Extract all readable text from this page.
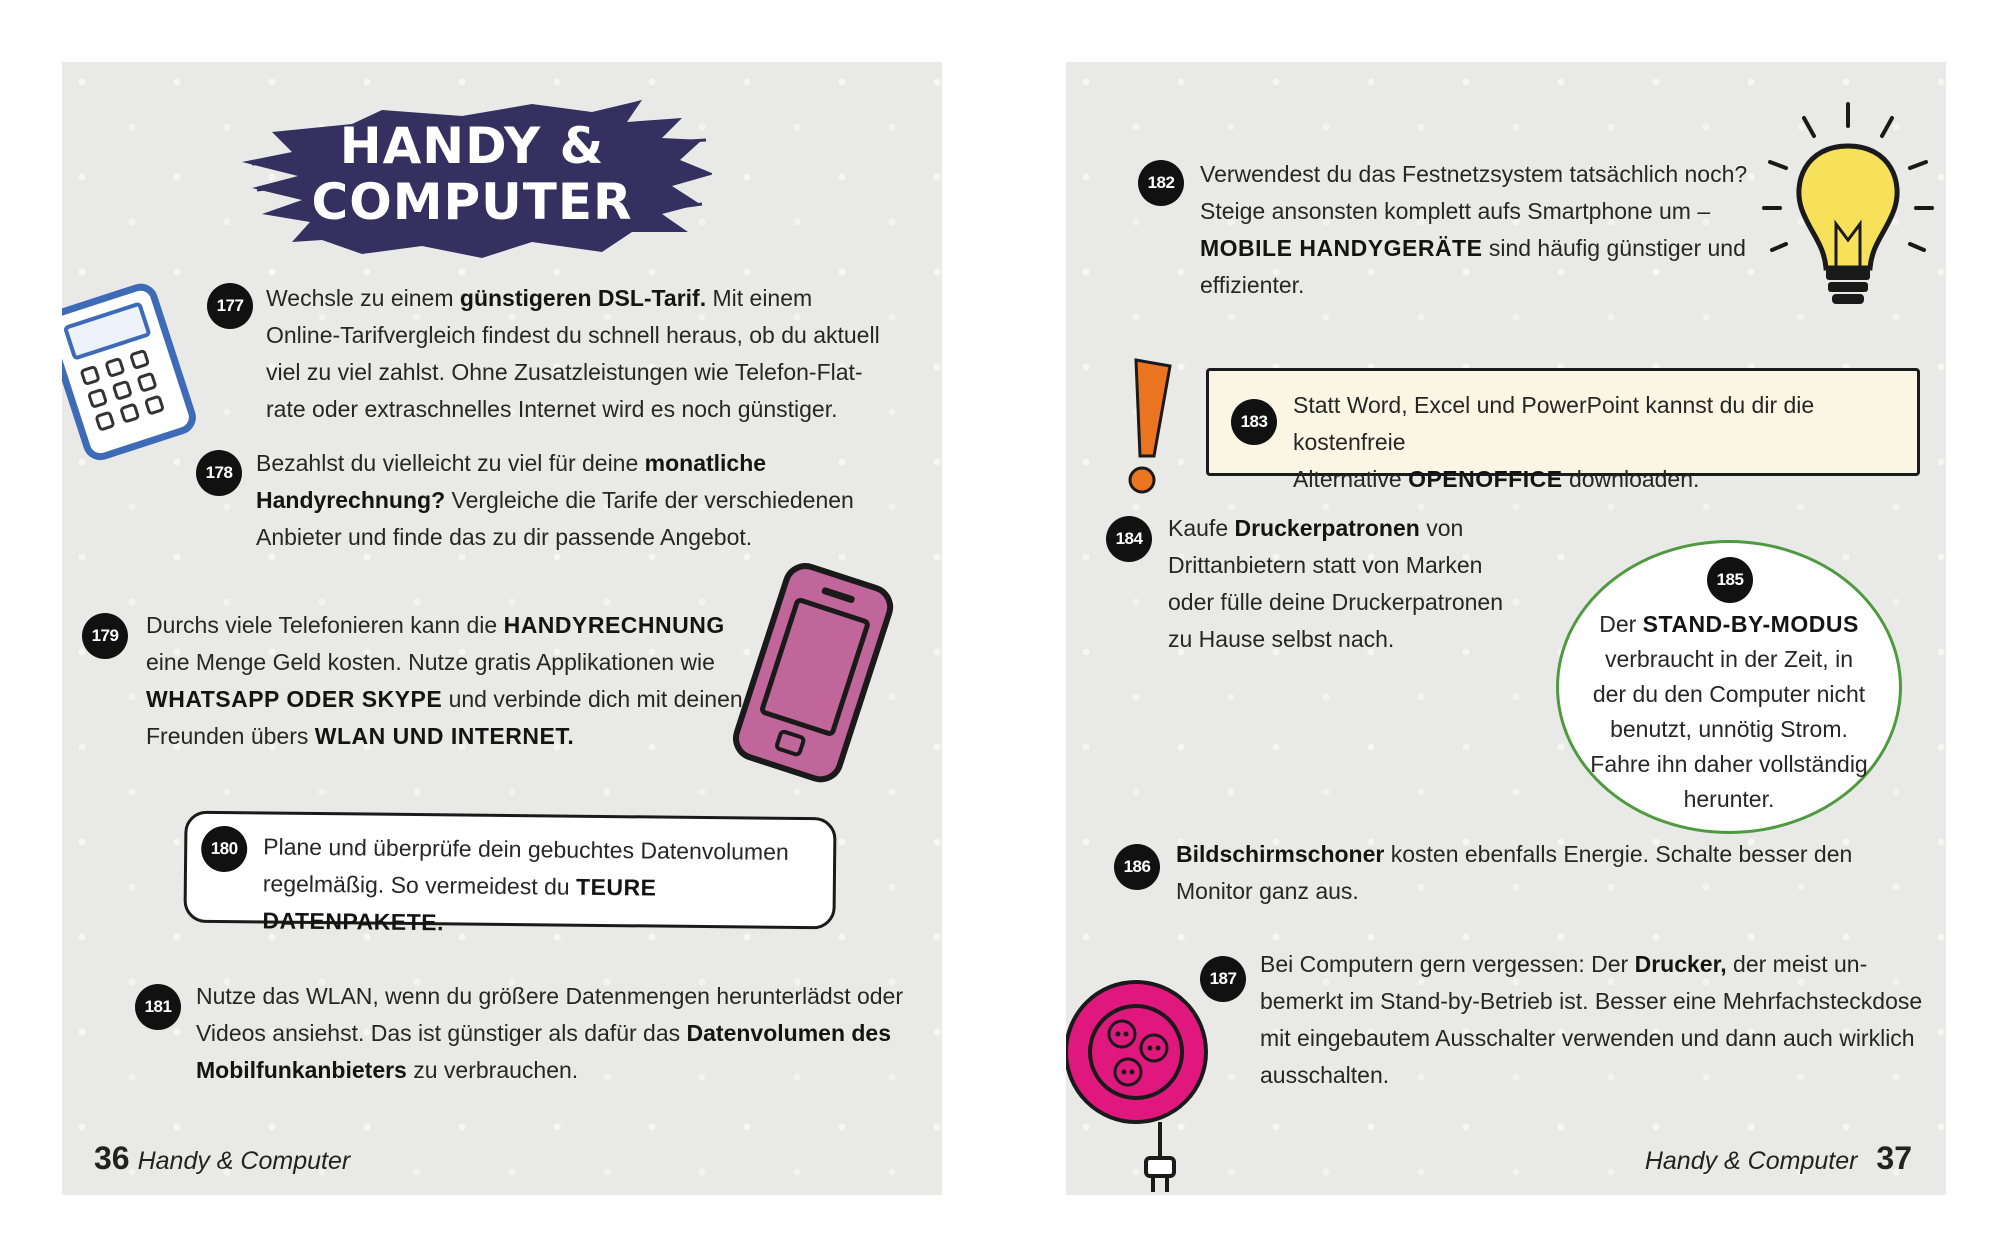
HANDY &
COMPUTER
177 Wechsle zu einem günstigeren DSL-Tarif. Mit einem
Online-Tarifvergleich findest du schnell heraus, ob du aktuell
viel zu viel zahlst. Ohne Zusatzleistungen wie Telefon-Flat-
rate oder extraschnelles Internet wird es noch günstiger.
178	Bezahlst du vielleicht zu viel für deine monatliche
Handyrechnung? Vergleiche die Tarife der verschiedenen
Anbieter und finde das zu dir passende Angebot.
179	Durchs viele Telefonieren kann die HANDYRECHNUNG
eine Menge Geld kosten. Nutze gratis Applikationen wie
WHATSAPP ODER SKYPE und verbinde dich mit deinen
Freunden übers WLAN UND INTERNET.
180	Plane und überprüfe dein gebuchtes Datenvolumen
regelmäßig. So vermeidest du TEURE DATENPAKETE.
181	Nutze das WLAN, wenn du größere Datenmengen herunterlädst oder
Videos ansiehst. Das ist günstiger als dafür das Datenvolumen des
Mobilfunkanbieters zu verbrauchen.
36 Handy & Computer
182	Verwendest du das Festnetzsystem tatsächlich noch?
Steige ansonsten komplett aufs Smartphone um –
MOBILE HANDYGERÄTE sind häufig günstiger und
effizienter.
183
Statt Word, Excel und PowerPoint kannst du dir die kostenfreie
Alternative OPENOFFICE downloaden.
184	Kaufe Druckerpatronen von
Drittanbietern statt von Marken
oder fülle deine Druckerpatronen
zu Hause selbst nach.
185
Der STAND-BY-MODUS
verbraucht in der Zeit, in
der du den Computer nicht
benutzt, unnötig Strom.
Fahre ihn daher vollständig
herunter.
186	Bildschirmschoner kosten ebenfalls Energie. Schalte besser den
Monitor ganz aus.
187
Bei Computern gern vergessen: Der Drucker, der meist un-
bemerkt im Stand-by-Betrieb ist. Besser eine Mehrfachsteckdose
mit eingebautem Ausschalter verwenden und dann auch wirklich
ausschalten.
Handy & Computer 37
